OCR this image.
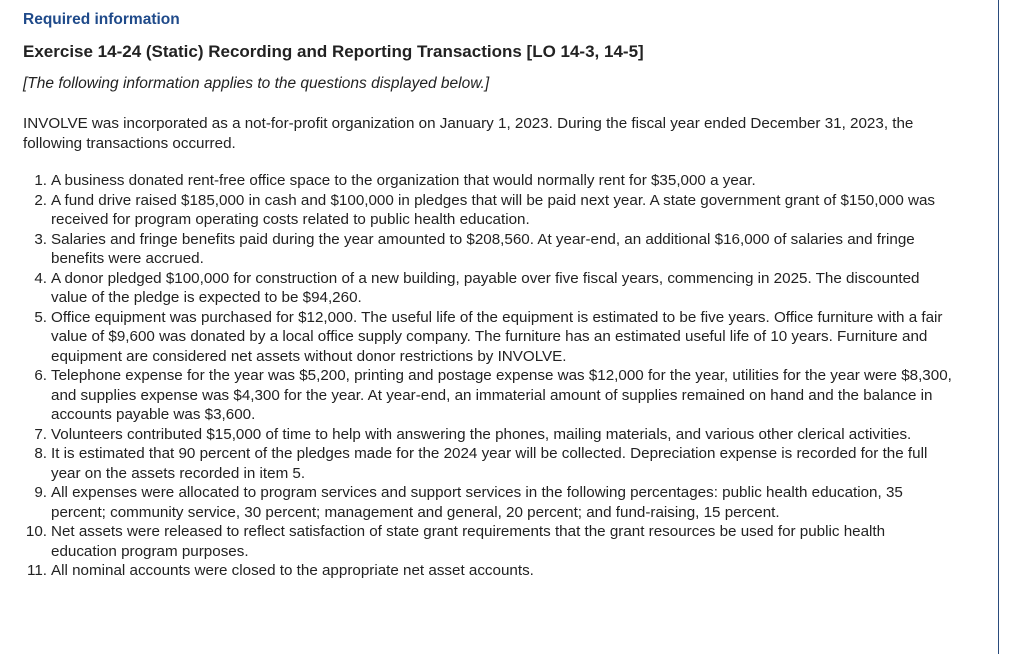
Required information
Exercise 14-24 (Static) Recording and Reporting Transactions [LO 14-3, 14-5]
[The following information applies to the questions displayed below.]
INVOLVE was incorporated as a not-for-profit organization on January 1, 2023. During the fiscal year ended December 31, 2023, the following transactions occurred.
1. A business donated rent-free office space to the organization that would normally rent for $35,000 a year.
2. A fund drive raised $185,000 in cash and $100,000 in pledges that will be paid next year. A state government grant of $150,000 was received for program operating costs related to public health education.
3. Salaries and fringe benefits paid during the year amounted to $208,560. At year-end, an additional $16,000 of salaries and fringe benefits were accrued.
4. A donor pledged $100,000 for construction of a new building, payable over five fiscal years, commencing in 2025. The discounted value of the pledge is expected to be $94,260.
5. Office equipment was purchased for $12,000. The useful life of the equipment is estimated to be five years. Office furniture with a fair value of $9,600 was donated by a local office supply company. The furniture has an estimated useful life of 10 years. Furniture and equipment are considered net assets without donor restrictions by INVOLVE.
6. Telephone expense for the year was $5,200, printing and postage expense was $12,000 for the year, utilities for the year were $8,300, and supplies expense was $4,300 for the year. At year-end, an immaterial amount of supplies remained on hand and the balance in accounts payable was $3,600.
7. Volunteers contributed $15,000 of time to help with answering the phones, mailing materials, and various other clerical activities.
8. It is estimated that 90 percent of the pledges made for the 2024 year will be collected. Depreciation expense is recorded for the full year on the assets recorded in item 5.
9. All expenses were allocated to program services and support services in the following percentages: public health education, 35 percent; community service, 30 percent; management and general, 20 percent; and fund-raising, 15 percent.
10. Net assets were released to reflect satisfaction of state grant requirements that the grant resources be used for public health education program purposes.
11. All nominal accounts were closed to the appropriate net asset accounts.
